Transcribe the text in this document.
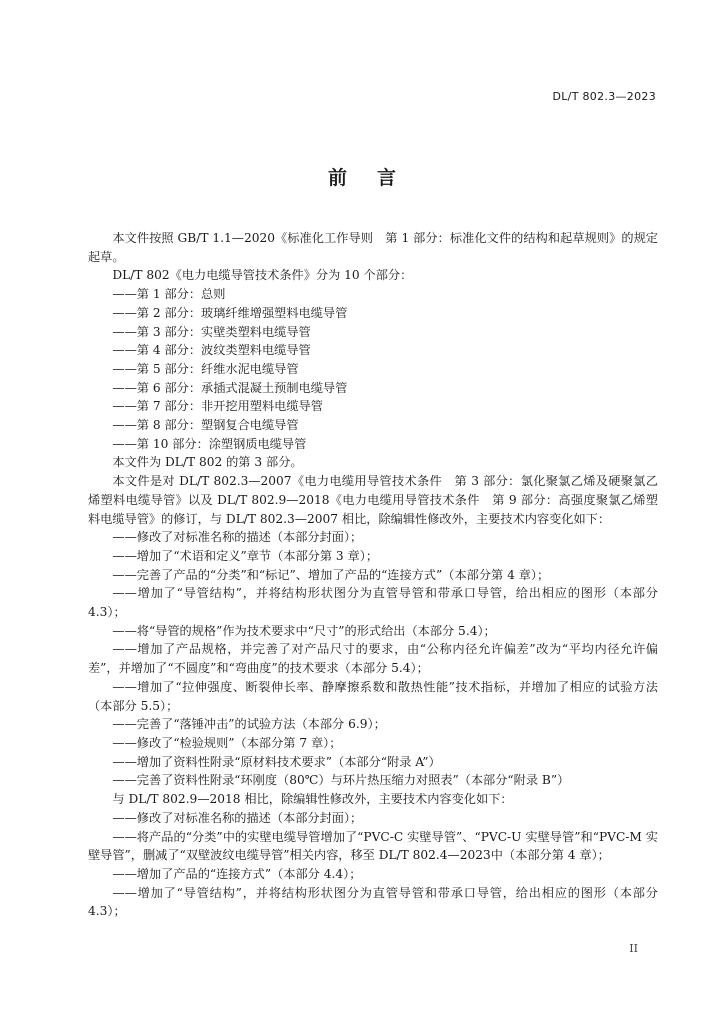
DL/T 802.3—2023
前言

本文件按照 GB/T 1.1—2020《标准化工作导则　第 1 部分：标准化文件的结构和起草规则》的规定起草。

DL/T 802《电力电缆导管技术条件》分为 10 个部分：

——第 1 部分：总则

——第 2 部分：玻璃纤维增强塑料电缆导管

——第 3 部分：实壁类塑料电缆导管

——第 4 部分：波纹类塑料电缆导管

——第 5 部分：纤维水泥电缆导管

——第 6 部分：承插式混凝土预制电缆导管

——第 7 部分：非开挖用塑料电缆导管

——第 8 部分：塑钢复合电缆导管

——第 10 部分：涂塑钢质电缆导管

本文件为 DL/T 802 的第 3 部分。

本文件是对 DL/T 802.3—2007《电力电缆用导管技术条件　第 3 部分：氯化聚氯乙烯及硬聚氯乙烯塑料电缆导管》以及 DL/T 802.9—2018《电力电缆用导管技术条件　第 9 部分：高强度聚氯乙烯塑料电缆导管》的修订，与 DL/T 802.3—2007 相比，除编辑性修改外，主要技术内容变化如下：

——修改了对标准名称的描述（本部分封面）；

——增加了“术语和定义”章节（本部分第 3 章）；

——完善了产品的“分类”和“标记”、增加了产品的“连接方式”（本部分第 4 章）；

——增加了“导管结构”，并将结构形状图分为直管导管和带承口导管，给出相应的图形（本部分 4.3）；

——将“导管的规格”作为技术要求中“尺寸”的形式给出（本部分 5.4）；

——增加了产品规格，并完善了对产品尺寸的要求，由“公称内径允许偏差”改为“平均内径允许偏差”，并增加了“不圆度”和“弯曲度”的技术要求（本部分 5.4）；

——增加了“拉伸强度、断裂伸长率、静摩擦系数和散热性能”技术指标，并增加了相应的试验方法（本部分 5.5）；

——完善了“落锤冲击”的试验方法（本部分 6.9）；

——修改了“检验规则”（本部分第 7 章）；

——增加了资料性附录“原材料技术要求”（本部分“附录 A”）

——完善了资料性附录“环刚度（80℃）与环片热压缩力对照表”（本部分“附录 B”）

与 DL/T 802.9—2018 相比，除编辑性修改外，主要技术内容变化如下：

——修改了对标准名称的描述（本部分封面）；

——将产品的“分类”中的实壁电缆导管增加了“PVC-C 实壁导管”、“PVC-U 实壁导管”和“PVC-M 实壁导管”，删减了“双壁波纹电缆导管”相关内容，移至 DL/T 802.4—2023中（本部分第 4 章）；

——增加了产品的“连接方式”（本部分 4.4）；

——增加了“导管结构”，并将结构形状图分为直管导管和带承口导管，给出相应的图形（本部分 4.3）；

II
